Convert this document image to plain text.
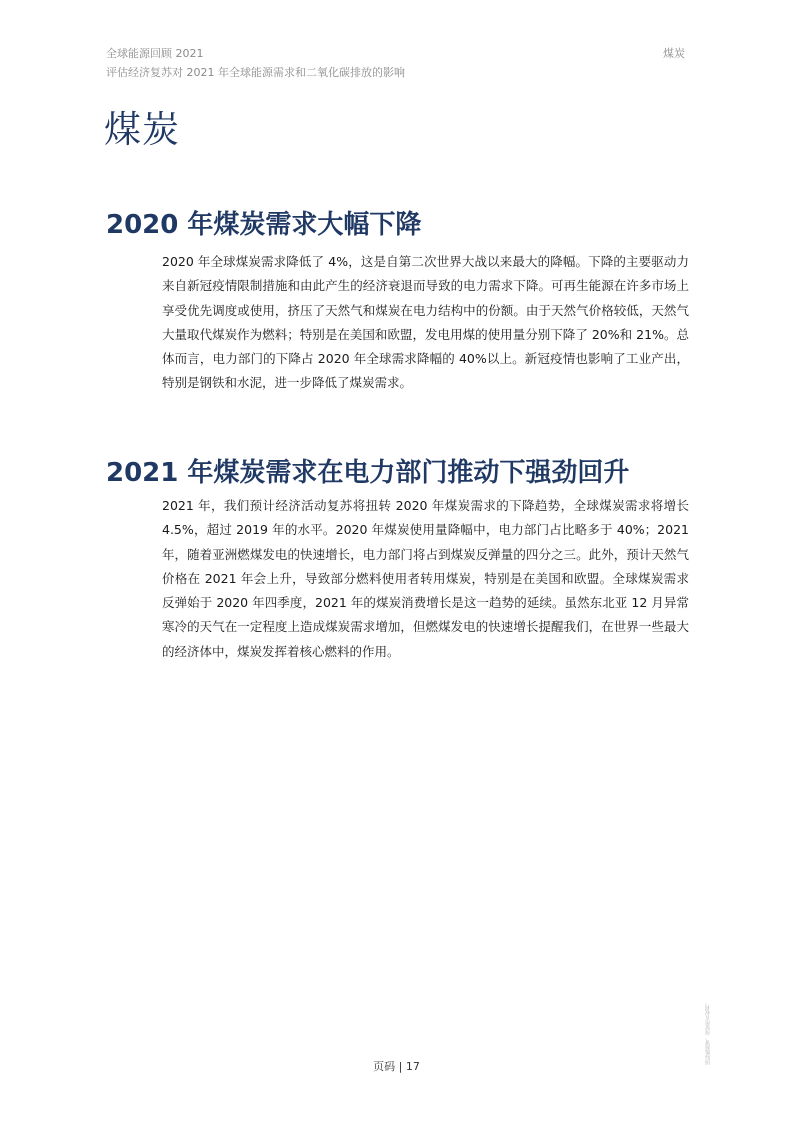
全球能源回顾 2021
评估经济复苏对 2021 年全球能源需求和二氧化碳排放的影响
煤炭
煤炭
2020 年煤炭需求大幅下降

2020 年全球煤炭需求降低了 4%，这是自第二次世界大战以来最大的降幅。下降的主要驱动力来自新冠疫情限制措施和由此产生的经济衰退而导致的电力需求下降。可再生能源在许多市场上享受优先调度或使用，挤压了天然气和煤炭在电力结构中的份额。由于天然气价格较低，天然气大量取代煤炭作为燃料；特别是在美国和欧盟，发电用煤的使用量分别下降了 20%和 21%。总体而言，电力部门的下降占 2020 年全球需求降幅的 40%以上。新冠疫情也影响了工业产出，特别是钢铁和水泥，进一步降低了煤炭需求。

2021 年煤炭需求在电力部门推动下强劲回升

2021 年，我们预计经济活动复苏将扭转 2020 年煤炭需求的下降趋势，全球煤炭需求将增长 4.5%，超过 2019 年的水平。2020 年煤炭使用量降幅中，电力部门占比略多于 40%；2021 年，随着亚洲燃煤发电的快速增长，电力部门将占到煤炭反弹量的四分之三。此外，预计天然气价格在 2021 年会上升，导致部分燃料使用者转用煤炭，特别是在美国和欧盟。全球煤炭需求反弹始于 2020 年四季度，2021 年的煤炭消费增长是这一趋势的延续。虽然东北亚 12 月异常寒冷的天气在一定程度上造成煤炭需求增加，但燃煤发电的快速增长提醒我们，在世界一些最大的经济体中，煤炭发挥着核心燃料的作用。

页码 | 17
国际能源署。保留所有权利。
